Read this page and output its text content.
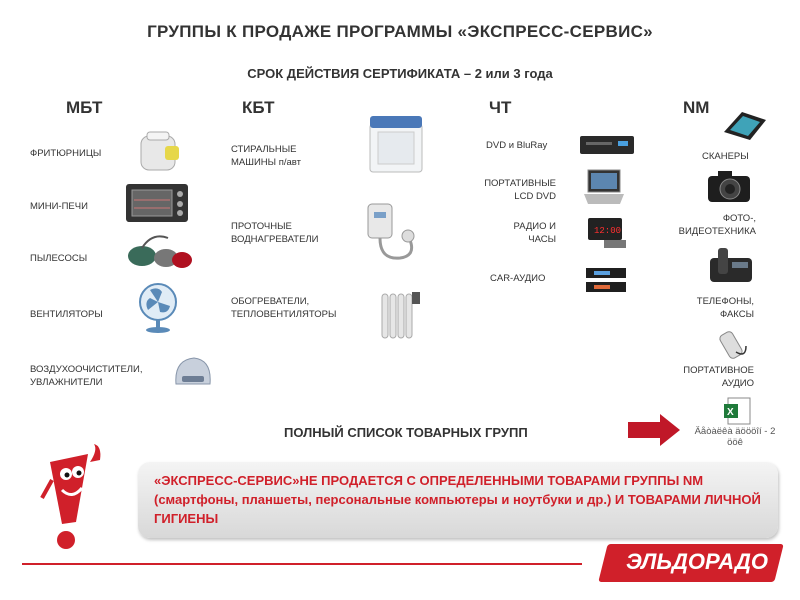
ГРУППЫ К ПРОДАЖЕ ПРОГРАММЫ «ЭКСПРЕСС-СЕРВИС»
СРОК ДЕЙСТВИЯ СЕРТИФИКАТА – 2 или 3 года
МБТ	КБТ	ЧТ	NM
ФРИТЮРНИЦЫ
МИНИ-ПЕЧИ
ПЫЛЕСОСЫ
ВЕНТИЛЯТОРЫ
ВОЗДУХООЧИСТИТЕЛИ, УВЛАЖНИТЕЛИ
СТИРАЛЬНЫЕ МАШИНЫ п/авт
ПРОТОЧНЫЕ ВОДНАГРЕВАТЕЛИ
ОБОГРЕВАТЕЛИ, ТЕПЛОВЕНТИЛЯТОРЫ
DVD и BluRay
ПОРТАТИВНЫЕ LCD DVD
РАДИО И ЧАСЫ
CAR-АУДИО
12:00
СКАНЕРЫ
ФОТО-, ВИДЕОТЕХНИКА
ТЕЛЕФОНЫ, ФАКСЫ
ПОРТАТИВНОЕ АУДИО
X
Äåòàëêà äöööîí - 2 ööê
ПОЛНЫЙ СПИСОК ТОВАРНЫХ ГРУПП
«ЭКСПРЕСС-СЕРВИС»НЕ ПРОДАЕТСЯ С ОПРЕДЕЛЕННЫМИ ТОВАРАМИ ГРУППЫ NM (смартфоны, планшеты, персональные компьютеры и ноутбуки и др.) И ТОВАРАМИ ЛИЧНОЙ ГИГИЕНЫ
ЭЛЬДОРАДО
